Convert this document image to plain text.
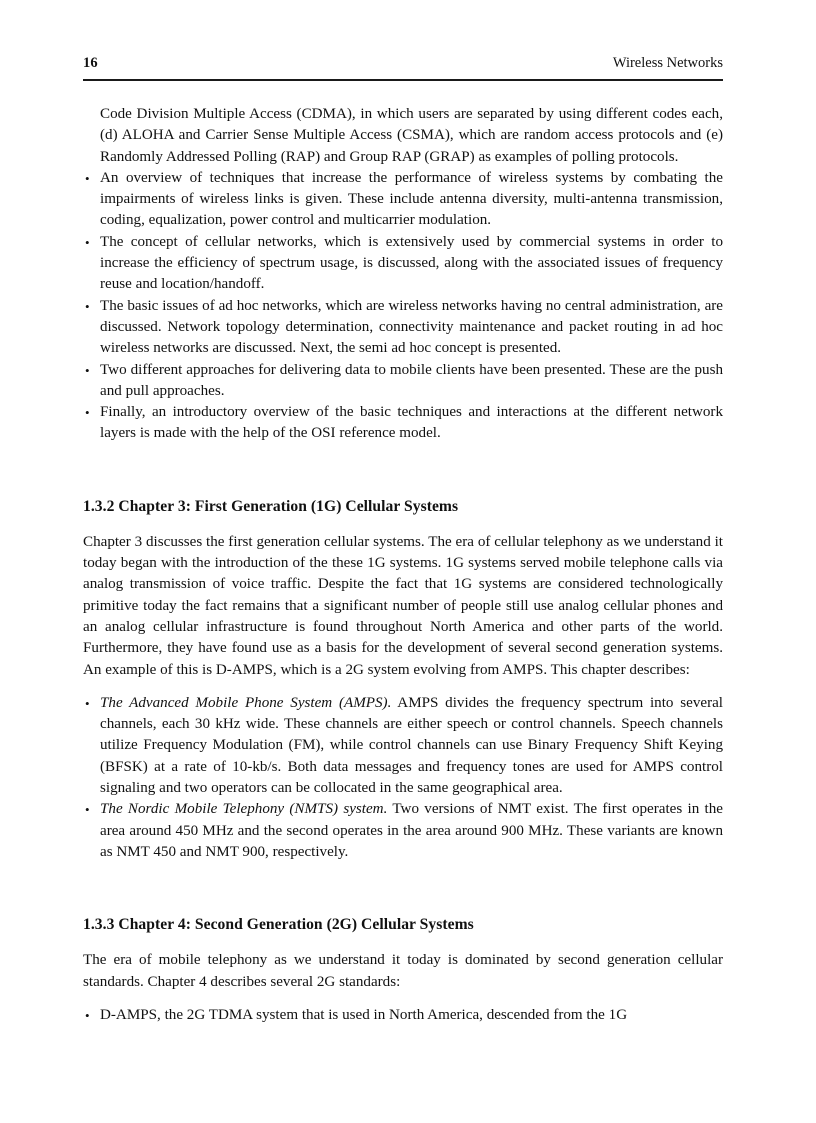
16	Wireless Networks

Code Division Multiple Access (CDMA), in which users are separated by using different codes each, (d) ALOHA and Carrier Sense Multiple Access (CSMA), which are random access protocols and (e) Randomly Addressed Polling (RAP) and Group RAP (GRAP) as examples of polling protocols.

• An overview of techniques that increase the performance of wireless systems by combating the impairments of wireless links is given. These include antenna diversity, multi-antenna transmission, coding, equalization, power control and multicarrier modulation.
• The concept of cellular networks, which is extensively used by commercial systems in order to increase the efficiency of spectrum usage, is discussed, along with the associated issues of frequency reuse and location/handoff.
• The basic issues of ad hoc networks, which are wireless networks having no central administration, are discussed. Network topology determination, connectivity maintenance and packet routing in ad hoc wireless networks are discussed. Next, the semi ad hoc concept is presented.
• Two different approaches for delivering data to mobile clients have been presented. These are the push and pull approaches.
• Finally, an introductory overview of the basic techniques and interactions at the different network layers is made with the help of the OSI reference model.
1.3.2 Chapter 3: First Generation (1G) Cellular Systems

Chapter 3 discusses the first generation cellular systems. The era of cellular telephony as we understand it today began with the introduction of the these 1G systems. 1G systems served mobile telephone calls via analog transmission of voice traffic. Despite the fact that 1G systems are considered technologically primitive today the fact remains that a significant number of people still use analog cellular phones and an analog cellular infrastructure is found throughout North America and other parts of the world. Furthermore, they have found use as a basis for the development of several second generation systems. An example of this is D-AMPS, which is a 2G system evolving from AMPS. This chapter describes:

• The Advanced Mobile Phone System (AMPS). AMPS divides the frequency spectrum into several channels, each 30 kHz wide. These channels are either speech or control channels. Speech channels utilize Frequency Modulation (FM), while control channels can use Binary Frequency Shift Keying (BFSK) at a rate of 10-kb/s. Both data messages and frequency tones are used for AMPS control signaling and two operators can be collocated in the same geographical area.
• The Nordic Mobile Telephony (NMTS) system. Two versions of NMT exist. The first operates in the area around 450 MHz and the second operates in the area around 900 MHz. These variants are known as NMT 450 and NMT 900, respectively.
1.3.3 Chapter 4: Second Generation (2G) Cellular Systems

The era of mobile telephony as we understand it today is dominated by second generation cellular standards. Chapter 4 describes several 2G standards:

• D-AMPS, the 2G TDMA system that is used in North America, descended from the 1G
